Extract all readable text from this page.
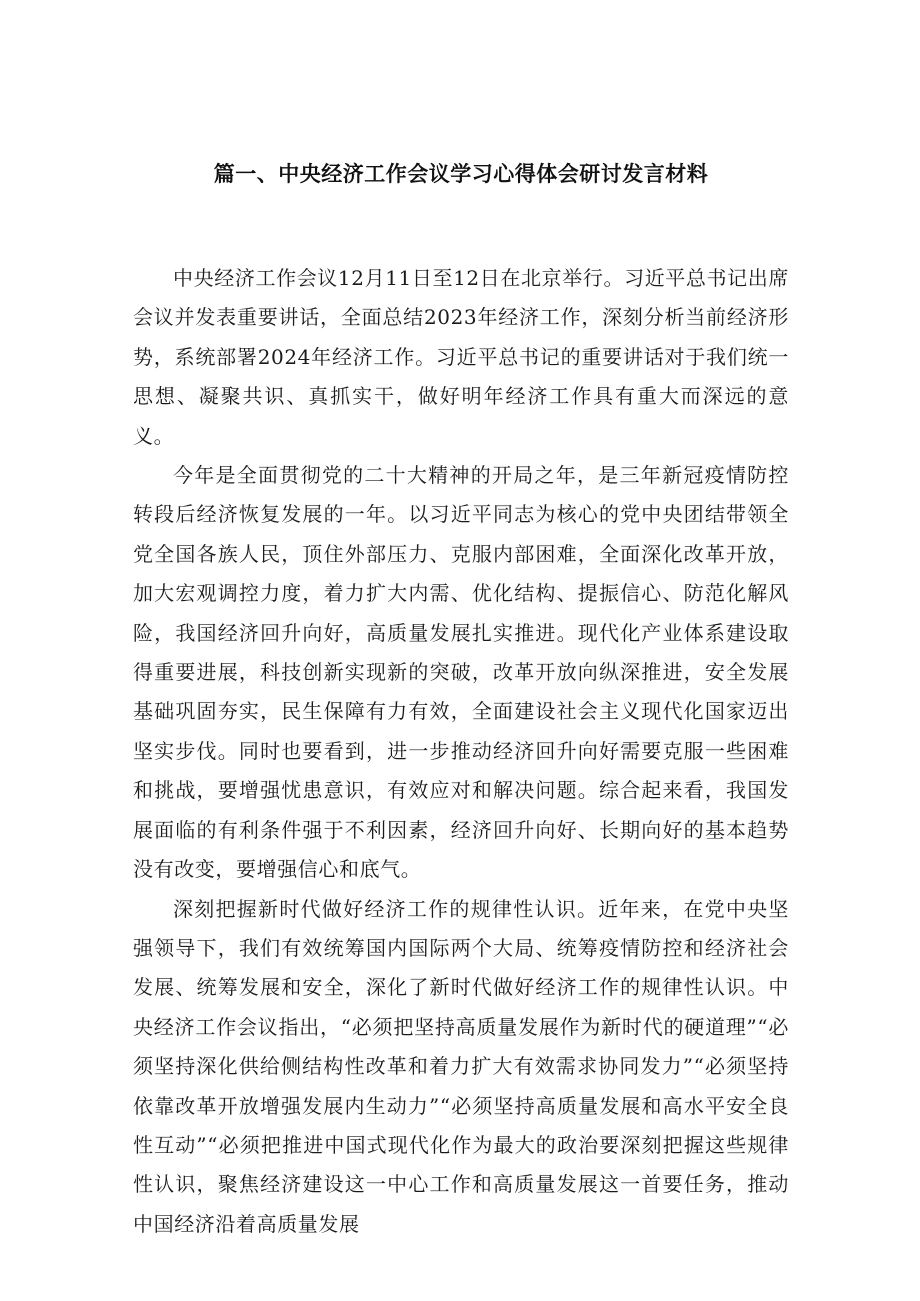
篇一、中央经济工作会议学习心得体会研讨发言材料

中央经济工作会议12月11日至12日在北京举行。习近平总书记出席会议并发表重要讲话，全面总结2023年经济工作，深刻分析当前经济形势，系统部署2024年经济工作。习近平总书记的重要讲话对于我们统一思想、凝聚共识、真抓实干，做好明年经济工作具有重大而深远的意义。

今年是全面贯彻党的二十大精神的开局之年，是三年新冠疫情防控转段后经济恢复发展的一年。以习近平同志为核心的党中央团结带领全党全国各族人民，顶住外部压力、克服内部困难，全面深化改革开放，加大宏观调控力度，着力扩大内需、优化结构、提振信心、防范化解风险，我国经济回升向好，高质量发展扎实推进。现代化产业体系建设取得重要进展，科技创新实现新的突破，改革开放向纵深推进，安全发展基础巩固夯实，民生保障有力有效，全面建设社会主义现代化国家迈出坚实步伐。同时也要看到，进一步推动经济回升向好需要克服一些困难和挑战，要增强忧患意识，有效应对和解决问题。综合起来看，我国发展面临的有利条件强于不利因素，经济回升向好、长期向好的基本趋势没有改变，要增强信心和底气。

深刻把握新时代做好经济工作的规律性认识。近年来，在党中央坚强领导下，我们有效统筹国内国际两个大局、统筹疫情防控和经济社会发展、统筹发展和安全，深化了新时代做好经济工作的规律性认识。中央经济工作会议指出，“必须把坚持高质量发展作为新时代的硬道理”“必须坚持深化供给侧结构性改革和着力扩大有效需求协同发力”“必须坚持依靠改革开放增强发展内生动力”“必须坚持高质量发展和高水平安全良性互动”“必须把推进中国式现代化作为最大的政治要深刻把握这些规律性认识，聚焦经济建设这一中心工作和高质量发展这一首要任务，推动中国经济沿着高质量发展
